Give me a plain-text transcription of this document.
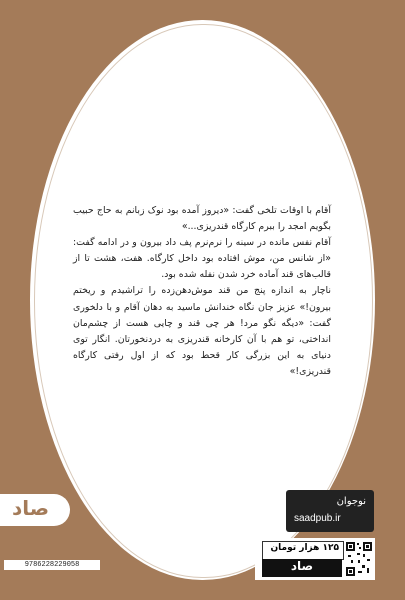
آقام با اوقات تلخی گفت: «دیروز آمده بود نوک زبانم به حاج حبیب بگویم امجد را ببرم کارگاه قندریزی...»

آقام نفس مانده در سینه را نرم‌نرم پف داد بیرون و در ادامه گفت: «از شانس من، موش افتاده بود داخل کارگاه. هفت، هشت تا از قالب‌های قند آماده خرد شدن نفله شده بود.

ناچار به اندازه پنج من قند موش‌دهن‌زده را تراشیدم و ریختم بیرون!» عزیز جان نگاه خندانش ماسید به دهان آقام و با دلخوری گفت: «دیگه نگو مرد! هر چی قند و چایی هست از چشم‌مان انداختی، تو هم با آن کارخانه قندریزی به دردنخورتان. انگار توی دنیای به این بزرگی کار قحط بود که از اول رفتی کارگاه قندریزی!»

صاد	نوجوان
saadpub.ir
۱۲۵ هزار تومان
صاد
9786228229058
